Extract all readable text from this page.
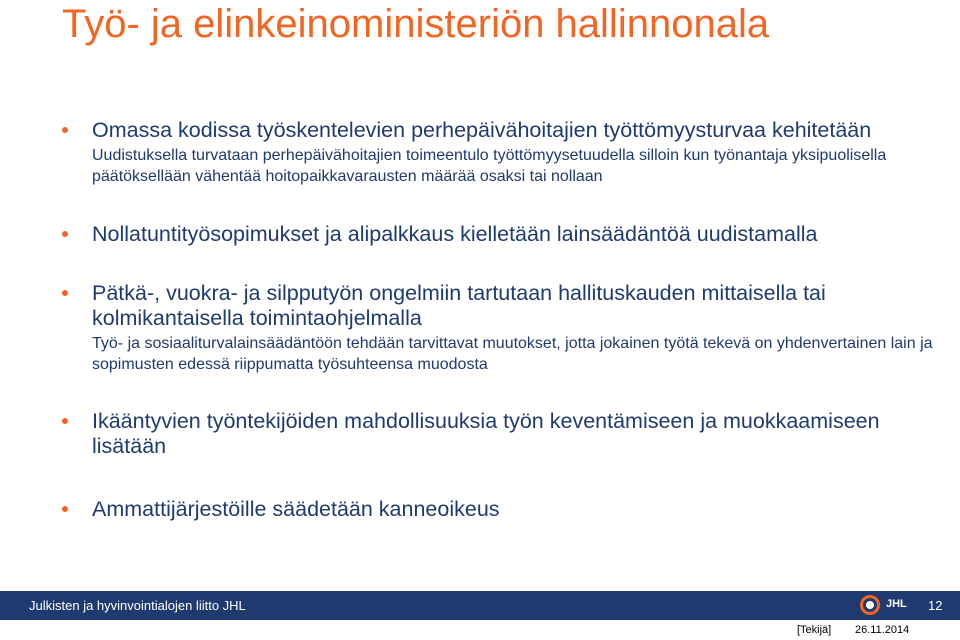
Työ- ja elinkeinoministeriön hallinnonala
Omassa kodissa työskentelevien perhepäivähoitajien työttömyysturvaa kehitetään
Uudistuksella turvataan perhepäivähoitajien toimeentulo työttömyysetuudella silloin kun työnantaja yksipuolisella päätöksellään vähentää hoitopaikkavarausten määrää osaksi tai nollaan
Nollatuntityösopimukset ja alipalkkaus kielletään lainsäädäntöä uudistamalla
Pätkä-, vuokra- ja silpputyön ongelmiin tartutaan hallituskauden mittaisella tai kolmikantaisella toimintaohjelmalla
Työ- ja sosiaaliturvalainsäädäntöön tehdään tarvittavat muutokset, jotta jokainen työtä tekevä on yhdenvertainen lain ja sopimusten edessä riippumatta työsuhteensa muodosta
Ikääntyvien työntekijöiden mahdollisuuksia työn keventämiseen ja muokkaamiseen lisätään
Ammattijärjestöille säädetään kanneoikeus
Julkisten ja hyvinvointialojen liitto JHL	JHL 12
[Tekijä] 26.11.2014
